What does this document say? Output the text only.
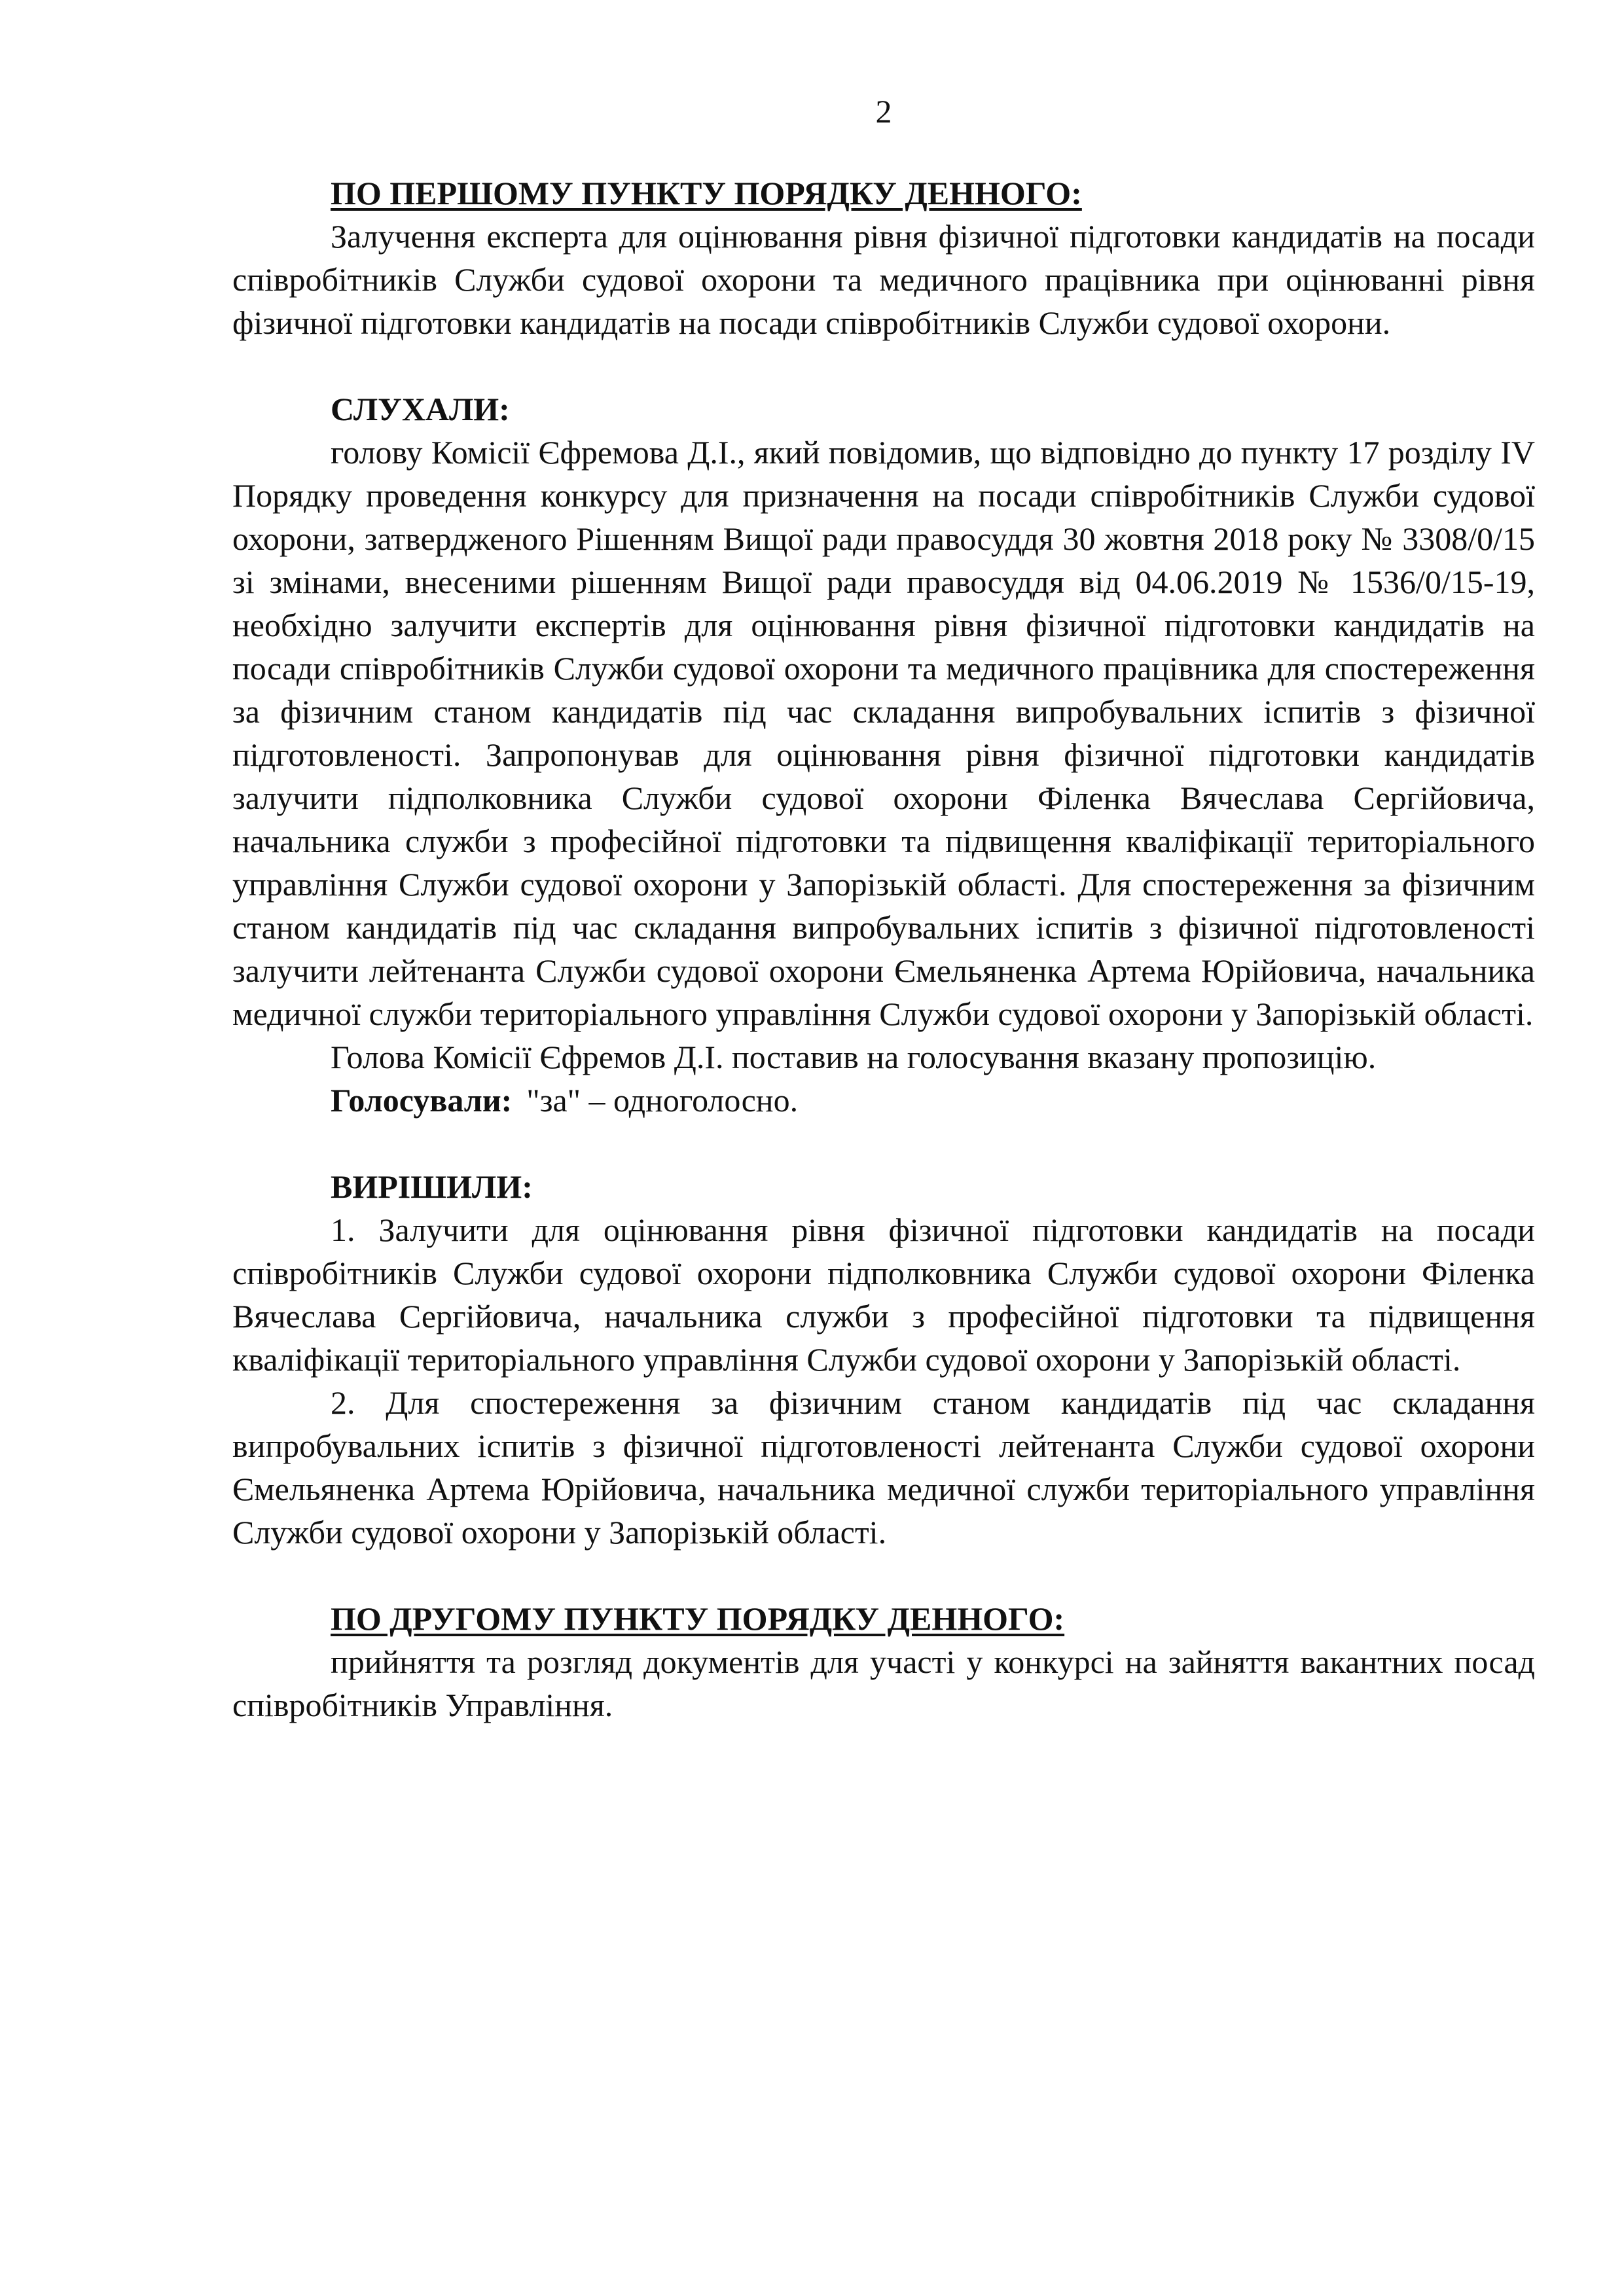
2

ПО ПЕРШОМУ ПУНКТУ ПОРЯДКУ ДЕННОГО:

Залучення експерта для оцінювання рівня фізичної підготовки кандидатів на посади співробітників Служби судової охорони та медичного працівника при оцінюванні рівня фізичної підготовки кандидатів на посади співробітників Служби судової охорони.

СЛУХАЛИ:

голову Комісії Єфремова Д.І., який повідомив, що відповідно до пункту 17 розділу IV Порядку проведення конкурсу для призначення на посади співробітників Служби судової охорони, затвердженого Рішенням Вищої ради правосуддя 30 жовтня 2018 року № 3308/0/15 зі змінами, внесеними рішенням Вищої ради правосуддя від 04.06.2019 № 1536/0/15-19, необхідно залучити експертів для оцінювання рівня фізичної підготовки кандидатів на посади співробітників Служби судової охорони та медичного працівника для спостереження за фізичним станом кандидатів під час складання випробувальних іспитів з фізичної підготовленості. Запропонував для оцінювання рівня фізичної підготовки кандидатів залучити підполковника Служби судової охорони Філенка Вячеслава Сергійовича, начальника служби з професійної підготовки та підвищення кваліфікації територіального управління Служби судової охорони у Запорізькій області. Для спостереження за фізичним станом кандидатів під час складання випробувальних іспитів з фізичної підготовленості залучити лейтенанта Служби судової охорони Ємельяненка Артема Юрійовича, начальника медичної служби територіального управління Служби судової охорони у Запорізькій області.

Голова Комісії Єфремов Д.І. поставив на голосування вказану пропозицію.

Голосували: "за" – одноголосно.

ВИРІШИЛИ:

1. Залучити для оцінювання рівня фізичної підготовки кандидатів на посади співробітників Служби судової охорони підполковника Служби судової охорони Філенка Вячеслава Сергійовича, начальника служби з професійної підготовки та підвищення кваліфікації територіального управління Служби судової охорони у Запорізькій області.

2. Для спостереження за фізичним станом кандидатів під час складання випробувальних іспитів з фізичної підготовленості лейтенанта Служби судової охорони Ємельяненка Артема Юрійовича, начальника медичної служби територіального управління Служби судової охорони у Запорізькій області.

ПО ДРУГОМУ ПУНКТУ ПОРЯДКУ ДЕННОГО:

прийняття та розгляд документів для участі у конкурсі на зайняття вакантних посад співробітників Управління.
